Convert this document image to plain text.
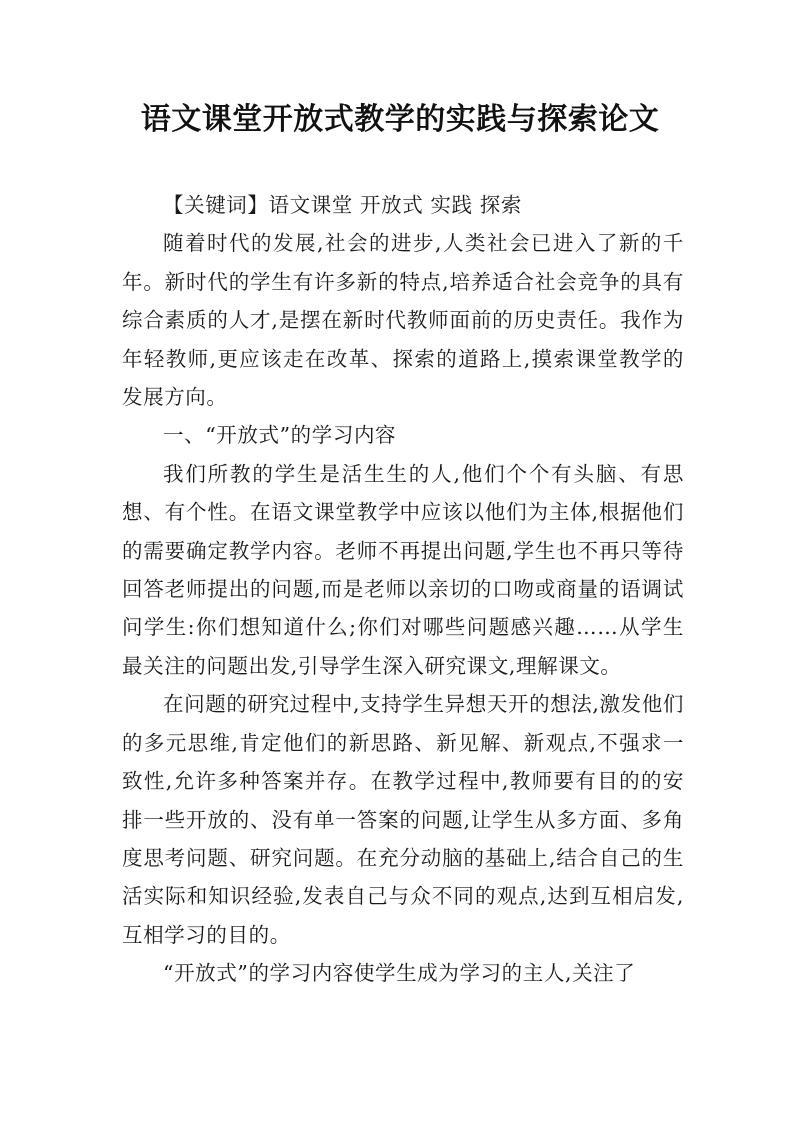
语文课堂开放式教学的实践与探索论文

【关键词】语文课堂 开放式 实践 探索

随着时代的发展,社会的进步,人类社会已进入了新的千年。新时代的学生有许多新的特点,培养适合社会竞争的具有综合素质的人才,是摆在新时代教师面前的历史责任。我作为年轻教师,更应该走在改革、探索的道路上,摸索课堂教学的发展方向。

一、“开放式”的学习内容

我们所教的学生是活生生的人,他们个个有头脑、有思想、有个性。在语文课堂教学中应该以他们为主体,根据他们的需要确定教学内容。老师不再提出问题,学生也不再只等待回答老师提出的问题,而是老师以亲切的口吻或商量的语调试问学生:你们想知道什么;你们对哪些问题感兴趣……从学生最关注的问题出发,引导学生深入研究课文,理解课文。

在问题的研究过程中,支持学生异想天开的想法,激发他们的多元思维,肯定他们的新思路、新见解、新观点,不强求一致性,允许多种答案并存。在教学过程中,教师要有目的的安排一些开放的、没有单一答案的问题,让学生从多方面、多角度思考问题、研究问题。在充分动脑的基础上,结合自己的生活实际和知识经验,发表自己与众不同的观点,达到互相启发,互相学习的目的。

“开放式”的学习内容使学生成为学习的主人,关注了
